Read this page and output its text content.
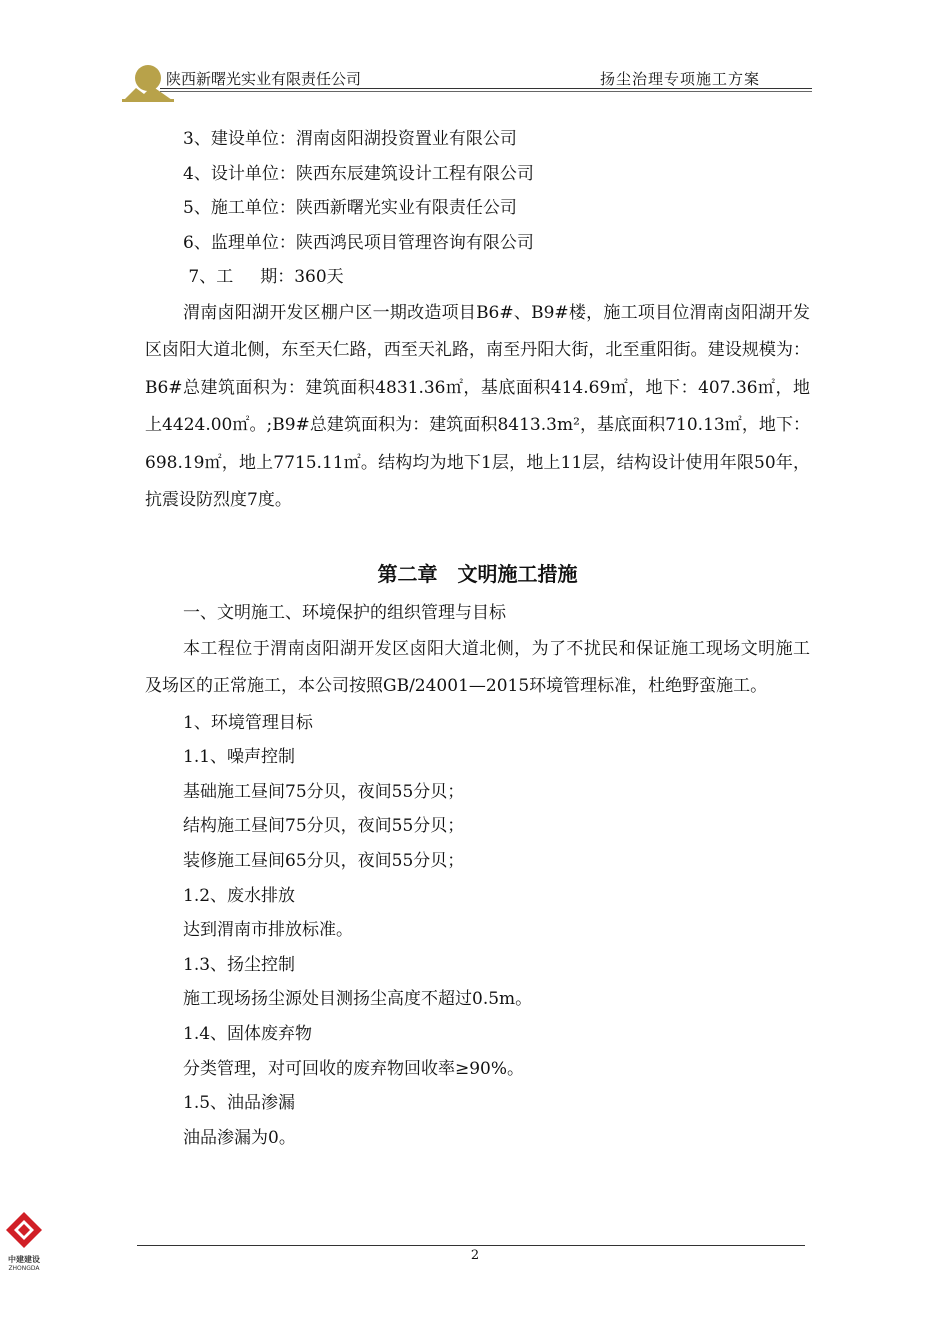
陕西新曙光实业有限责任公司	扬尘治理专项施工方案
3、建设单位：渭南卤阳湖投资置业有限公司
4、设计单位：陕西东辰建筑设计工程有限公司
5、施工单位：陕西新曙光实业有限责任公司
6、监理单位：陕西鸿民项目管理咨询有限公司
7、工     期：360天
渭南卤阳湖开发区棚户区一期改造项目B6#、B9#楼，施工项目位渭南卤阳湖开发区卤阳大道北侧，东至天仁路，西至天礼路，南至丹阳大街，北至重阳街。建设规模为：B6#总建筑面积为：建筑面积4831.36㎡，基底面积414.69㎡，地下：407.36㎡，地上4424.00㎡。;B9#总建筑面积为：建筑面积8413.3m²，基底面积710.13㎡，地下：698.19㎡，地上7715.11㎡。结构均为地下1层，地上11层，结构设计使用年限50年，抗震设防烈度7度。
第二章　文明施工措施
一、文明施工、环境保护的组织管理与目标
本工程位于渭南卤阳湖开发区卤阳大道北侧，为了不扰民和保证施工现场文明施工及场区的正常施工，本公司按照GB/24001—2015环境管理标准，杜绝野蛮施工。
1、环境管理目标
1.1、噪声控制
基础施工昼间75分贝，夜间55分贝；
结构施工昼间75分贝，夜间55分贝；
装修施工昼间65分贝，夜间55分贝；
1.2、废水排放
达到渭南市排放标准。
1.3、扬尘控制
施工现场扬尘源处目测扬尘高度不超过0.5m。
1.4、固体废弃物
分类管理，对可回收的废弃物回收率≥90%。
1.5、油品渗漏
油品渗漏为0。
2
中建建设
ZHONGDA
